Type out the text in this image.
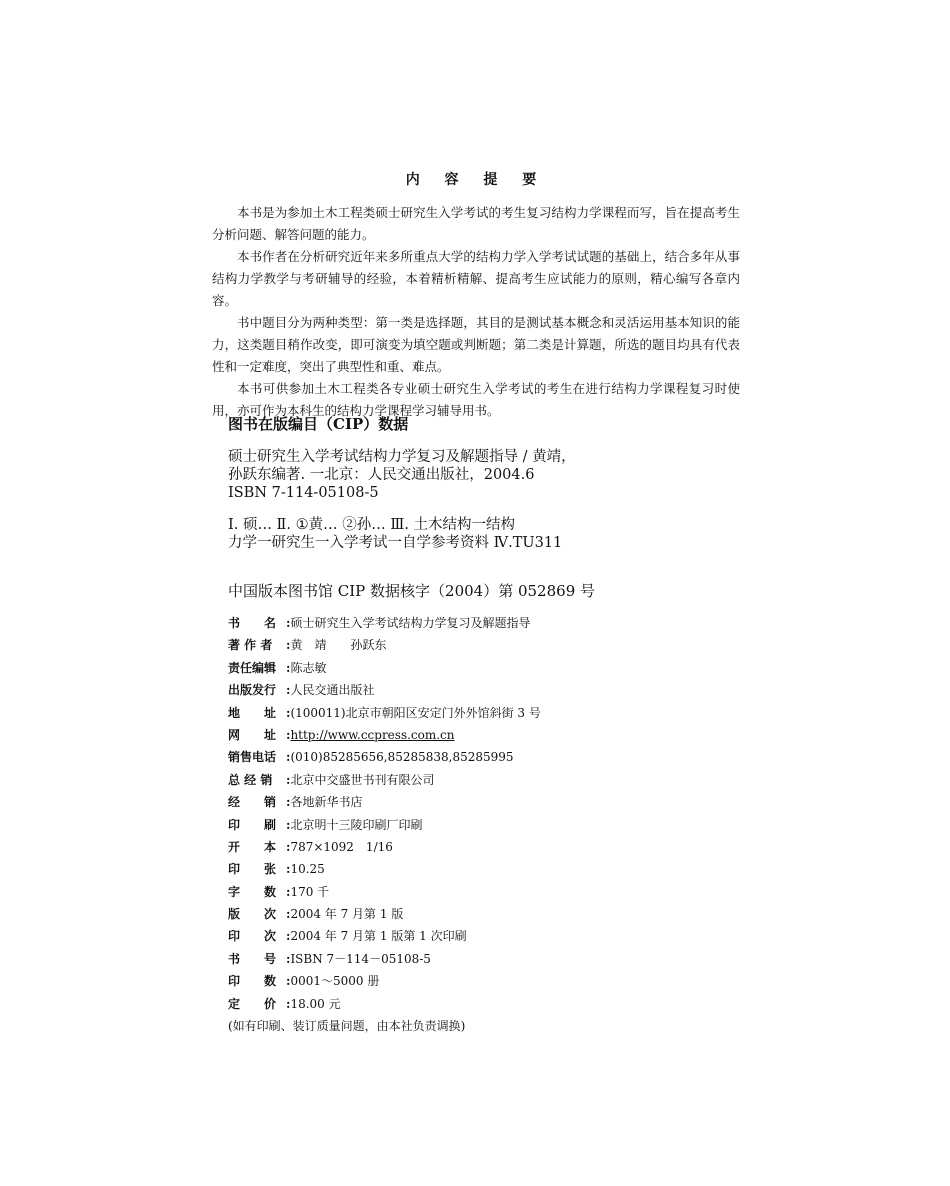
内 容 提 要

本书是为参加土木工程类硕士研究生入学考试的考生复习结构力学课程而写，旨在提高考生分析问题、解答问题的能力。

本书作者在分析研究近年来多所重点大学的结构力学入学考试试题的基础上，结合多年从事结构力学教学与考研辅导的经验，本着精析精解、提高考生应试能力的原则，精心编写各章内容。

书中题目分为两种类型：第一类是选择题，其目的是测试基本概念和灵活运用基本知识的能力，这类题目稍作改变，即可演变为填空题或判断题；第二类是计算题，所选的题目均具有代表性和一定难度，突出了典型性和重、难点。

本书可供参加土木工程类各专业硕士研究生入学考试的考生在进行结构力学课程复习时使用，亦可作为本科生的结构力学课程学习辅导用书。

图书在版编目（CIP）数据
硕士研究生入学考试结构力学复习及解题指导 / 黄靖，
孙跃东编著. 一北京：人民交通出版社，2004.6
ISBN 7-114-05108-5
Ⅰ. 硕… Ⅱ. ①黄… ②孙… Ⅲ. 土木结构一结构
力学一研究生一入学考试一自学参考资料 Ⅳ.TU311
中国版本图书馆 CIP 数据核字（2004）第 052869 号
书　　名 : 硕士研究生入学考试结构力学复习及解题指导
著 作 者	: 黄　靖　　孙跃东
责任编辑 : 陈志敏
出版发行 : 人民交通出版社
地　　址 : (100011)北京市朝阳区安定门外外馆斜街 3 号
网　　址 : http://www.ccpress.com.cn
销售电话 : (010)85285656,85285838,85285995
总 经 销	: 北京中交盛世书刊有限公司
经　　销 : 各地新华书店
印　　刷 : 北京明十三陵印刷厂印刷
开　　本 : 787×1092　1/16
印　　张 : 10.25
字　　数 : 170 千
版　　次 : 2004 年 7 月第 1 版
印　　次 : 2004 年 7 月第 1 版第 1 次印刷
书　　号 : ISBN 7－114－05108-5
印　　数 : 0001～5000 册
定　　价 : 18.00 元
(如有印刷、装订质量问题，由本社负责调换)
